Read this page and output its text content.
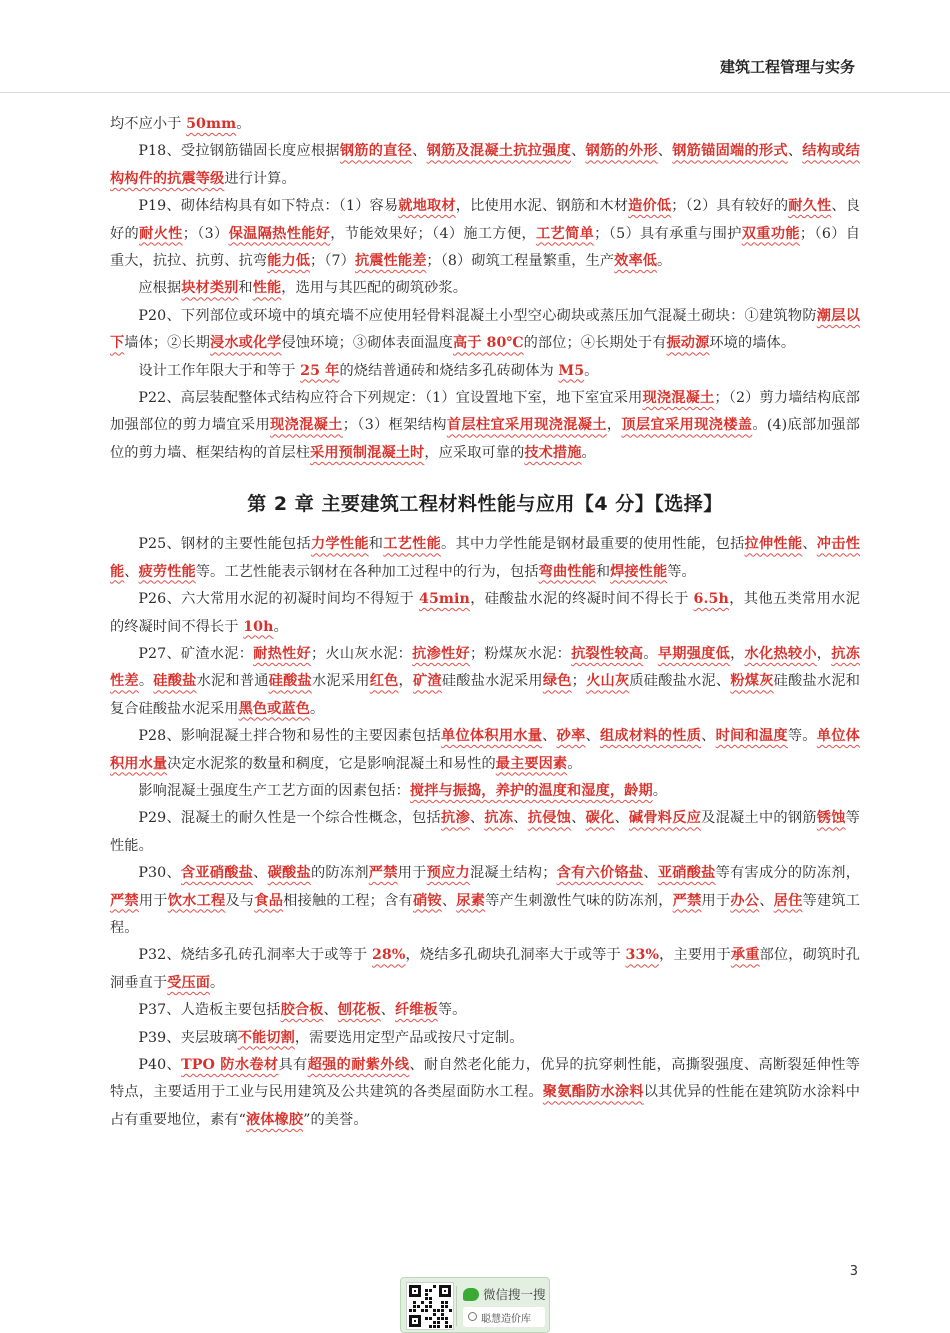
建筑工程管理与实务

均不应小于 50mm。

P18、受拉钢筋锚固长度应根据钢筋的直径、钢筋及混凝土抗拉强度、钢筋的外形、钢筋锚固端的形式、结构或结构构件的抗震等级进行计算。

P19、砌体结构具有如下特点：（1）容易就地取材，比使用水泥、钢筋和木材造价低；（2）具有较好的耐久性、良好的耐火性；（3）保温隔热性能好，节能效果好；（4）施工方便，工艺简单；（5）具有承重与围护双重功能；（6）自重大，抗拉、抗剪、抗弯能力低；（7）抗震性能差；（8）砌筑工程量繁重，生产效率低。

应根据块材类别和性能，选用与其匹配的砌筑砂浆。

P20、下列部位或环境中的填充墙不应使用轻骨料混凝土小型空心砌块或蒸压加气混凝土砌块：①建筑物防潮层以下墙体；②长期浸水或化学侵蚀环境；③砌体表面温度高于 80℃的部位；④长期处于有振动源环境的墙体。

设计工作年限大于和等于 25 年的烧结普通砖和烧结多孔砖砌体为 M5。

P22、高层装配整体式结构应符合下列规定：（1）宜设置地下室，地下室宜采用现浇混凝土；（2）剪力墙结构底部加强部位的剪力墙宜采用现浇混凝土；（3）框架结构首层柱宜采用现浇混凝土，顶层宜采用现浇楼盖。(4)底部加强部位的剪力墙、框架结构的首层柱采用预制混凝土时，应采取可靠的技术措施。

第 2 章 主要建筑工程材料性能与应用【4 分】【选择】

P25、钢材的主要性能包括力学性能和工艺性能。其中力学性能是钢材最重要的使用性能，包括拉伸性能、冲击性能、疲劳性能等。工艺性能表示钢材在各种加工过程中的行为，包括弯曲性能和焊接性能等。

P26、六大常用水泥的初凝时间均不得短于 45min，硅酸盐水泥的终凝时间不得长于 6.5h，其他五类常用水泥的终凝时间不得长于 10h。

P27、矿渣水泥：耐热性好；火山灰水泥：抗渗性好；粉煤灰水泥：抗裂性较高。早期强度低，水化热较小，抗冻性差。硅酸盐水泥和普通硅酸盐水泥采用红色，矿渣硅酸盐水泥采用绿色；火山灰质硅酸盐水泥、粉煤灰硅酸盐水泥和复合硅酸盐水泥采用黑色或蓝色。

P28、影响混凝土拌合物和易性的主要因素包括单位体积用水量、砂率、组成材料的性质、时间和温度等。单位体积用水量决定水泥浆的数量和稠度，它是影响混凝土和易性的最主要因素。

影响混凝土强度生产工艺方面的因素包括：搅拌与振捣，养护的温度和湿度，龄期。

P29、混凝土的耐久性是一个综合性概念，包括抗渗、抗冻、抗侵蚀、碳化、碱骨料反应及混凝土中的钢筋锈蚀等性能。

P30、含亚硝酸盐、碳酸盐的防冻剂严禁用于预应力混凝土结构；含有六价铬盐、亚硝酸盐等有害成分的防冻剂，严禁用于饮水工程及与食品相接触的工程；含有硝铵、尿素等产生刺激性气味的防冻剂，严禁用于办公、居住等建筑工程。

P32、烧结多孔砖孔洞率大于或等于 28%，烧结多孔砌块孔洞率大于或等于 33%，主要用于承重部位，砌筑时孔洞垂直于受压面。

P37、人造板主要包括胶合板、刨花板、纤维板等。

P39、夹层玻璃不能切割，需要选用定型产品或按尺寸定制。

P40、TPO 防水卷材具有超强的耐紫外线、耐自然老化能力，优异的抗穿刺性能，高撕裂强度、高断裂延伸性等特点，主要适用于工业与民用建筑及公共建筑的各类屋面防水工程。聚氨酯防水涂料以其优异的性能在建筑防水涂料中占有重要地位，素有“液体橡胶”的美誉。

3
微信搜一搜
聪慧造价库
